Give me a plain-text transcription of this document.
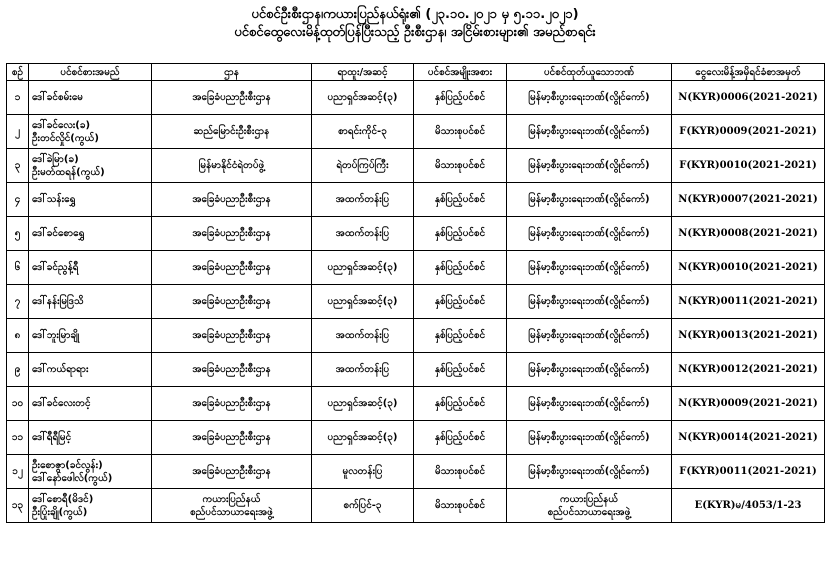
ပင်စင်ဦးစီးဌာန၊ကယားပြည်နယ်ရုံး၏ (၂၃.၁၀.၂၀၂၁ မှ ၅.၁၁.၂၀၂၁)
ပင်စင်ထွေလေးမိန့်ထုတ်ပြန်ပြီးသည့် ဦးစီးဌာန၊ အငြိမ်းစားများ၏ အမည်စာရင်း
စဉ်	ပင်စင်စားအမည်	ဌာန	ရာထူး/အဆင့်	ပင်စင်အမျိုးအစား	ပင်စင်ထုတ်ယူသောဘဏ်	ငွေလေးမိန့်အမှိရင်ခံစာအမှတ်

၁	ဒေါ်ခင်စမ်းမေ	အခြေခံပညာဦးစီးဌာန	ပညာရှင်အဆင့်(၃)	နှစ်ပြည့်ပင်စင်	မြန်မာ့စီးပွားရေးဘဏ်(လွိုင်ကော်)	N(KYR)0006(2021-2021)

၂	ဒေါ်ခင်လေး(ခ)
ဦးတင်လှိုင်(ကွယ်)	ဆည်မြောင်းဦးစီးဌာန	စာရင်းကိုင်-၃	မိသားစုပင်စင်	မြန်မာ့စီးပွားရေးဘဏ်(လွိုင်ကော်)	F(KYR)0009(2021-2021)

၃	ဒေါ်ခဲမြာ(ခ)
ဦးမတ်ထရန်(ကွယ်)	မြန်မာနိုင်ငံရဲတပ်ဖွဲ့	ရဲတပ်ကြပ်ကြီး	မိသားစုပင်စင်	မြန်မာ့စီးပွားရေးဘဏ်(လွိုင်ကော်)	F(KYR)0010(2021-2021)

၄	ဒေါ်သန်းရွှေ	အခြေခံပညာဦးစီးဌာန	အထက်တန်းပြ	နှစ်ပြည့်ပင်စင်	မြန်မာ့စီးပွားရေးဘဏ်(လွိုင်ကော်)	N(KYR)0007(2021-2021)

၅	ဒေါ်ခင်စောရွှေ	အခြေခံပညာဦးစီးဌာန	အထက်တန်းပြ	နှစ်ပြည့်ပင်စင်	မြန်မာ့စီးပွားရေးဘဏ်(လွိုင်ကော်)	N(KYR)0008(2021-2021)

၆	ဒေါ်ခင်ညွန့်ရီ	အခြေခံပညာဦးစီးဌာန	ပညာရှင်အဆင့်(၃)	နှစ်ပြည့်ပင်စင်	မြန်မာ့စီးပွားရေးဘဏ်(လွိုင်ကော်)	N(KYR)0010(2021-2021)

၇	ဒေါ်နန်းမြဒြသိ	အခြေခံပညာဦးစီးဌာန	ပညာရှင်အဆင့်(၃)	နှစ်ပြည့်ပင်စင်	မြန်မာ့စီးပွားရေးဘဏ်(လွိုင်ကော်)	N(KYR)0011(2021-2021)

၈	ဒေါ်ဘူးမြာချို	အခြေခံပညာဦးစီးဌာန	အထက်တန်းပြ	နှစ်ပြည့်ပင်စင်	မြန်မာ့စီးပွားရေးဘဏ်(လွိုင်ကော်)	N(KYR)0013(2021-2021)

၉	ဒေါ်ကယ်ရာရား	အခြေခံပညာဦးစီးဌာန	အထက်တန်းပြ	နှစ်ပြည့်ပင်စင်	မြန်မာ့စီးပွားရေးဘဏ်(လွိုင်ကော်)	N(KYR)0012(2021-2021)

၁၀	ဒေါ်ခင်လေးတင့်	အခြေခံပညာဦးစီးဌာန	ပညာရှင်အဆင့်(၃)	နှစ်ပြည့်ပင်စင်	မြန်မာ့စီးပွားရေးဘဏ်(လွိုင်ကော်)	N(KYR)0009(2021-2021)

၁၁	ဒေါ်ရီရီမြင့်	အခြေခံပညာဦးစီးဌာန	ပညာရှင်အဆင့်(၃)	နှစ်ပြည့်ပင်စင်	မြန်မာ့စီးပွားရေးဘဏ်(လွိုင်ကော်)	N(KYR)0014(2021-2021)

၁၂	ဦးစောဇွာ(ခင်လွန်း)
ဒေါ်နော်ဖေါလ်(ကွယ်)	အခြေခံပညာဦးစီးဌာန	မူလတန်းပြ	မိသားစုပင်စင်	မြန်မာ့စီးပွားရေးဘဏ်(လွိုင်ကော်)	F(KYR)0011(2021-2021)

၁၃	ဒေါ်စောရီ(မိဒင်)
ဦးပြုံးချို(ကွယ်)	ကယားပြည်နယ်
စည်ပင်သာယာရေးအဖွဲ့	စက်ပြင်-၃	မိသားစုပင်စင်	ကယားပြည်နယ်
စည်ပင်သာယာရေးအဖွဲ့	E(KYR)မ/4053/1-23
